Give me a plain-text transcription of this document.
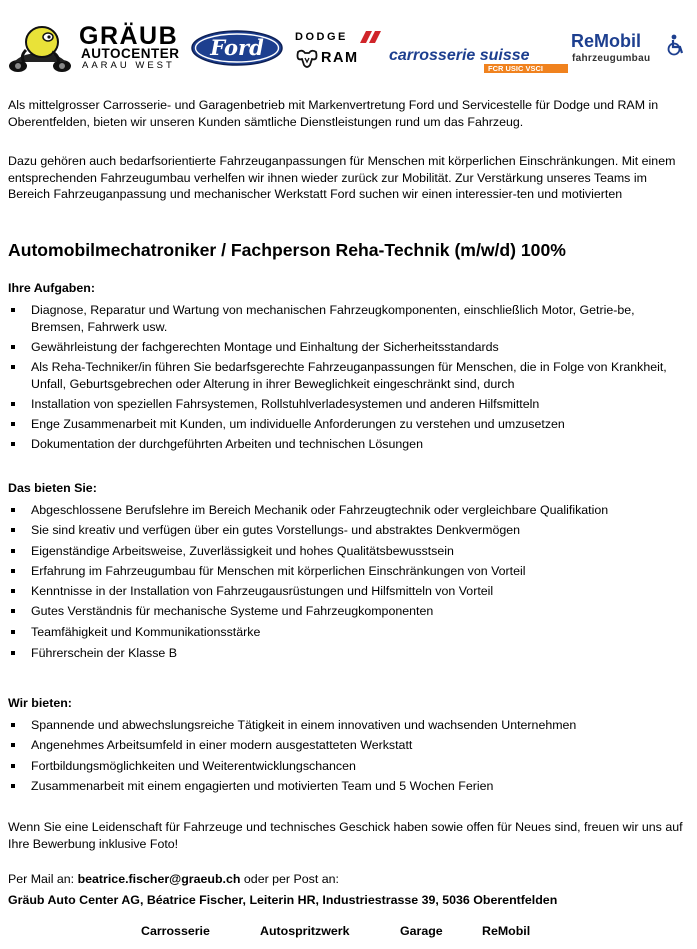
GRÄUB
AUTOCENTER
AARAU WEST
Ford	DODGE
RAM carrosserie suisse
FCR USIC VSCI
ReMobil
fahrzeugumbau

Als mittelgrosser Carrosserie- und Garagenbetrieb mit Markenvertretung Ford und Servicestelle für Dodge und RAM in Oberentfelden, bieten wir unseren Kunden sämtliche Dienstleistungen rund um das Fahrzeug.

Dazu gehören auch bedarfsorientierte Fahrzeuganpassungen für Menschen mit körperlichen Einschränkungen. Mit einem entsprechenden Fahrzeugumbau verhelfen wir ihnen wieder zurück zur Mobilität. Zur Verstärkung unseres Teams im Bereich Fahrzeuganpassung und mechanischer Werkstatt Ford suchen wir einen interessier-ten und motivierten

Automobilmechatroniker / Fachperson Reha-Technik (m/w/d) 100%

Ihre Aufgaben:

Diagnose, Reparatur und Wartung von mechanischen Fahrzeugkomponenten, einschließlich Motor, Getrie-be, Bremsen, Fahrwerk usw.
Gewährleistung der fachgerechten Montage und Einhaltung der Sicherheitsstandards
Als Reha-Techniker/in führen Sie bedarfsgerechte Fahrzeuganpassungen für Menschen, die in Folge von Krankheit, Unfall, Geburtsgebrechen oder Alterung in ihrer Beweglichkeit eingeschränkt sind, durch
Installation von speziellen Fahrsystemen, Rollstuhlverladesystemen und anderen Hilfsmitteln
Enge Zusammenarbeit mit Kunden, um individuelle Anforderungen zu verstehen und umzusetzen
Dokumentation der durchgeführten Arbeiten und technischen Lösungen

Das bieten Sie:

Abgeschlossene Berufslehre im Bereich Mechanik oder Fahrzeugtechnik oder vergleichbare Qualifikation
Sie sind kreativ und verfügen über ein gutes Vorstellungs- und abstraktes Denkvermögen
Eigenständige Arbeitsweise, Zuverlässigkeit und hohes Qualitätsbewusstsein
Erfahrung im Fahrzeugumbau für Menschen mit körperlichen Einschränkungen von Vorteil
Kenntnisse in der Installation von Fahrzeugausrüstungen und Hilfsmitteln von Vorteil
Gutes Verständnis für mechanische Systeme und Fahrzeugkomponenten
Teamfähigkeit und Kommunikationsstärke
Führerschein der Klasse B

Wir bieten:

Spannende und abwechslungsreiche Tätigkeit in einem innovativen und wachsenden Unternehmen
Angenehmes Arbeitsumfeld in einer modern ausgestatteten Werkstatt
Fortbildungsmöglichkeiten und Weiterentwicklungschancen
Zusammenarbeit mit einem engagierten und motivierten Team und 5 Wochen Ferien

Wenn Sie eine Leidenschaft für Fahrzeuge und technisches Geschick haben sowie offen für Neues sind, freuen wir uns auf Ihre Bewerbung inklusive Foto!

Per Mail an: beatrice.fischer@graeub.ch oder per Post an:

Gräub Auto Center AG, Béatrice Fischer, Leiterin HR, Industriestrasse 39, 5036 Oberentfelden

Carrosserie	Autospritzwerk	Garage	ReMobil
